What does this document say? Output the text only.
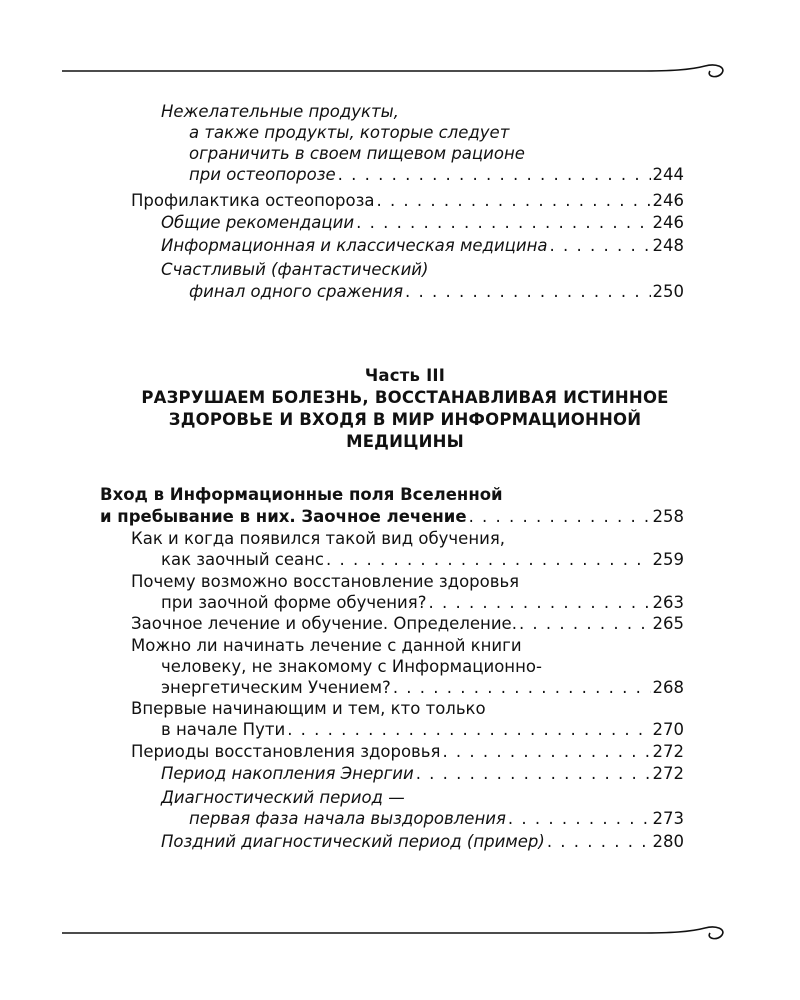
Нежелательные продукты,
а также продукты, которые следует
ограничить в своем пищевом рационе
при остеопорозе . . .	244
Профилактика остеопороза . . .	246
Общие рекомендации . . .	246
Информационная и классическая медицина . . .	248
Счастливый (фантастический)
финал одного сражения . . .	250
Часть III
РАЗРУШАЕМ БОЛЕЗНЬ, ВОССТАНАВЛИВАЯ ИСТИННОЕ
ЗДОРОВЬЕ И ВХОДЯ В МИР ИНФОРМАЦИОННОЙ
МЕДИЦИНЫ
Вход в Информационные поля Вселенной
и пребывание в них. Заочное лечение . . .	258
Как и когда появился такой вид обучения,
как заочный сеанс . . .	259
Почему возможно восстановление здоровья
при заочной форме обучения? . . .	263
Заочное лечение и обучение. Определение. . . .	265
Можно ли начинать лечение с данной книги
человеку, не знакомому с Информационно-
энергетическим Учением? . . .	268
Впервые начинающим и тем, кто только
в начале Пути . . .	270
Периоды восстановления здоровья . . .	272
Период накопления Энергии . . .	272
Диагностический период —
первая фаза начала выздоровления . . .	273
Поздний диагностический период (пример) . . .	280
